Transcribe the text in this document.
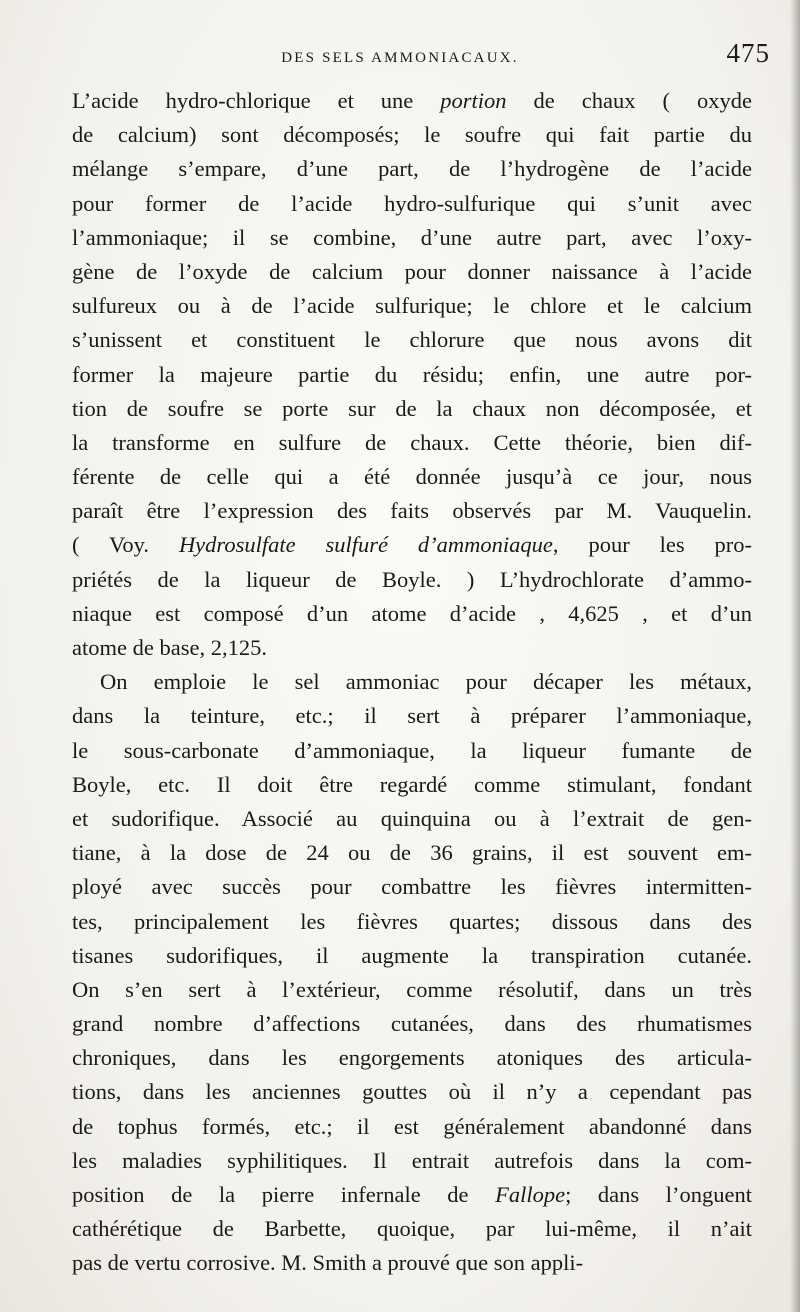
DES SELS AMMONIACAUX.	475
L’acide hydro-chlorique et une portion de chaux ( oxyde
de calcium) sont décomposés; le soufre qui fait partie du
mélange s’empare, d’une part, de l’hydrogène de l’acide
pour former de l’acide hydro-sulfurique qui s’unit avec
l’ammoniaque; il se combine, d’une autre part, avec l’oxy-
gène de l’oxyde de calcium pour donner naissance à l’acide
sulfureux ou à de l’acide sulfurique; le chlore et le calcium
s’unissent et constituent le chlorure que nous avons dit
former la majeure partie du résidu; enfin, une autre por-
tion de soufre se porte sur de la chaux non décomposée, et
la transforme en sulfure de chaux. Cette théorie, bien dif-
férente de celle qui a été donnée jusqu’à ce jour, nous
paraît être l’expression des faits observés par M. Vauquelin.
( Voy. Hydrosulfate sulfuré d’ammoniaque, pour les pro-
priétés de la liqueur de Boyle. ) L’hydrochlorate d’ammo-
niaque est composé d’un atome d’acide , 4,625 , et d’un
atome de base, 2,125.
On emploie le sel ammoniac pour décaper les métaux,
dans la teinture, etc.; il sert à préparer l’ammoniaque,
le sous-carbonate d’ammoniaque, la liqueur fumante de
Boyle, etc. Il doit être regardé comme stimulant, fondant
et sudorifique. Associé au quinquina ou à l’extrait de gen-
tiane, à la dose de 24 ou de 36 grains, il est souvent em-
ployé avec succès pour combattre les fièvres intermitten-
tes, principalement les fièvres quartes; dissous dans des
tisanes sudorifiques, il augmente la transpiration cutanée.
On s’en sert à l’extérieur, comme résolutif, dans un très
grand nombre d’affections cutanées, dans des rhumatismes
chroniques, dans les engorgements atoniques des articula-
tions, dans les anciennes gouttes où il n’y a cependant pas
de tophus formés, etc.; il est généralement abandonné dans
les maladies syphilitiques. Il entrait autrefois dans la com-
position de la pierre infernale de Fallope; dans l’onguent
cathérétique de Barbette, quoique, par lui-même, il n’ait
pas de vertu corrosive. M. Smith a prouvé que son appli-
